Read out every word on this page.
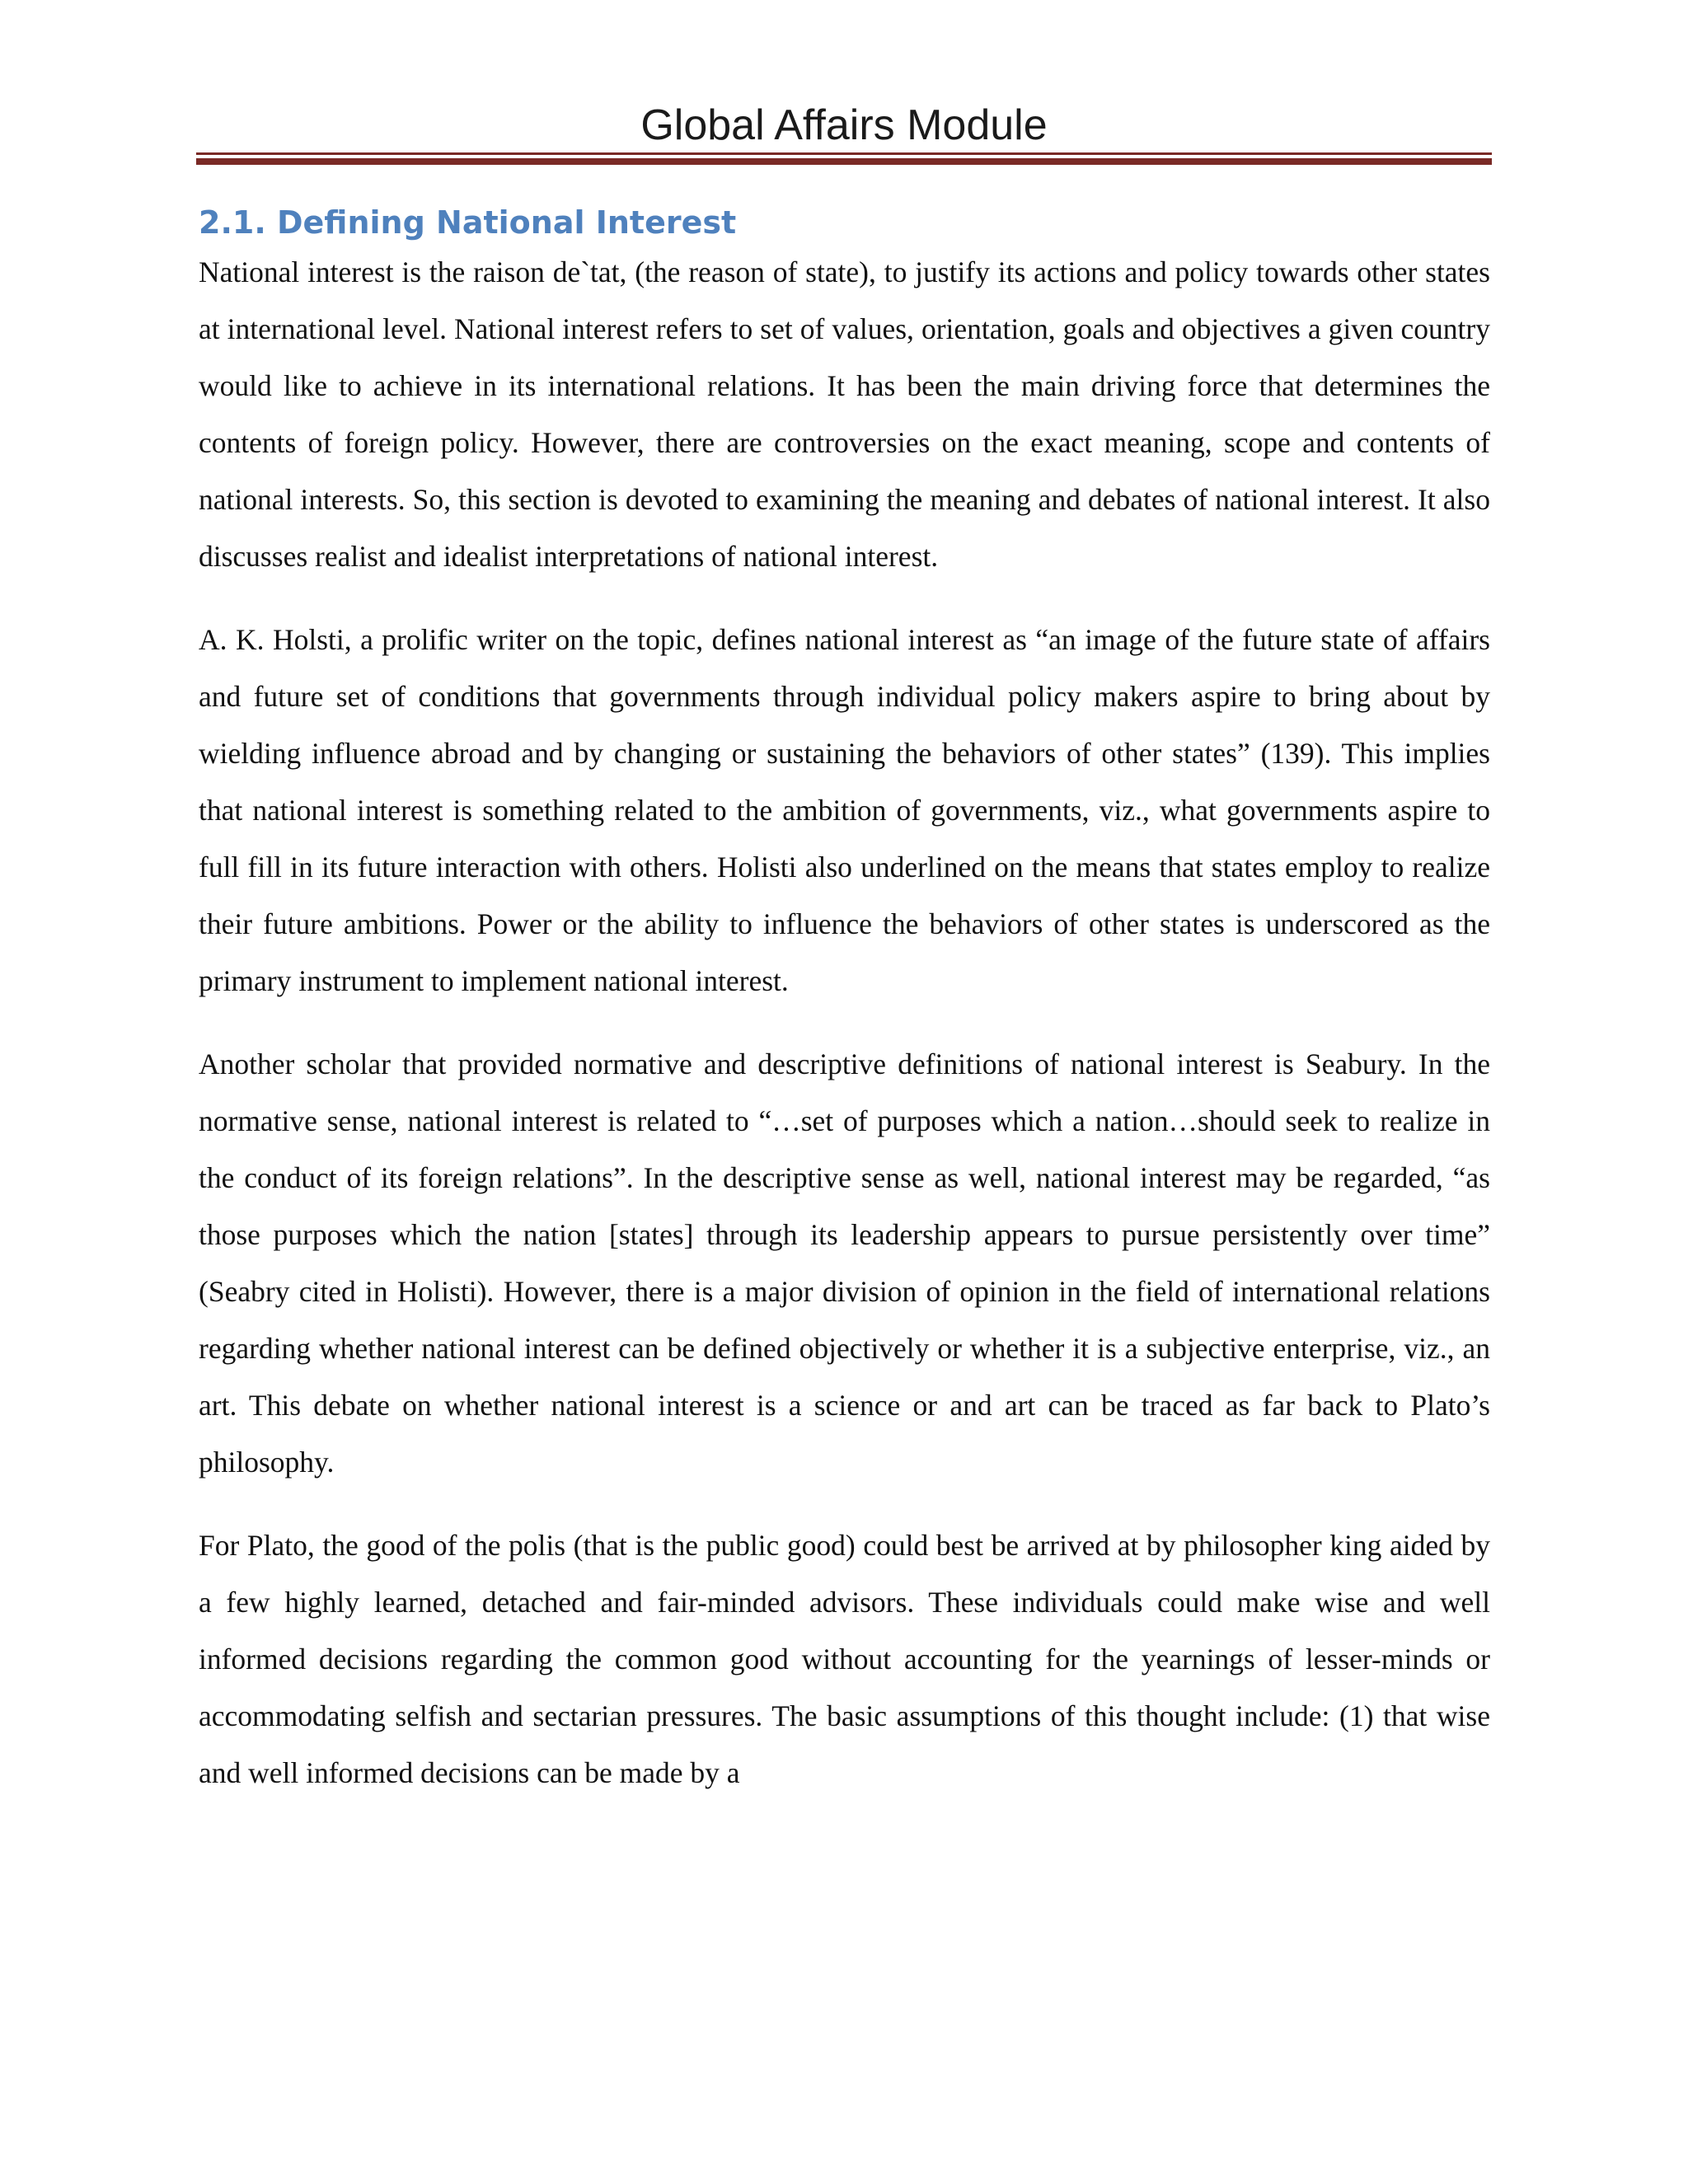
Global Affairs Module
2.1. Defining National Interest

National interest is the raison de`tat, (the reason of state), to justify its actions and policy towards other states at international level. National interest refers to set of values, orientation, goals and objectives a given country would like to achieve in its international relations. It has been the main driving force that determines the contents of foreign policy. However, there are controversies on the exact meaning, scope and contents of national interests. So, this section is devoted to examining the meaning and debates of national interest. It also discusses realist and idealist interpretations of national interest.

A. K. Holsti, a prolific writer on the topic, defines national interest as “an image of the future state of affairs and future set of conditions that governments through individual policy makers aspire to bring about by wielding influence abroad and by changing or sustaining the behaviors of other states” (139). This implies that national interest is something related to the ambition of governments, viz., what governments aspire to full fill in its future interaction with others. Holisti also underlined on the means that states employ to realize their future ambitions. Power or the ability to influence the behaviors of other states is underscored as the primary instrument to implement national interest.

Another scholar that provided normative and descriptive definitions of national interest is Seabury. In the normative sense, national interest is related to “…set of purposes which a nation…should seek to realize in the conduct of its foreign relations”. In the descriptive sense as well, national interest may be regarded, “as those purposes which the nation [states] through its leadership appears to pursue persistently over time” (Seabry cited in Holisti). However, there is a major division of opinion in the field of international relations regarding whether national interest can be defined objectively or whether it is a subjective enterprise, viz., an art. This debate on whether national interest is a science or and art can be traced as far back to Plato’s philosophy.

For Plato, the good of the polis (that is the public good) could best be arrived at by philosopher king aided by a few highly learned, detached and fair-minded advisors. These individuals could make wise and well informed decisions regarding the common good without accounting for the yearnings of lesser-minds or accommodating selfish and sectarian pressures. The basic assumptions of this thought include: (1) that wise and well informed decisions can be made by a
